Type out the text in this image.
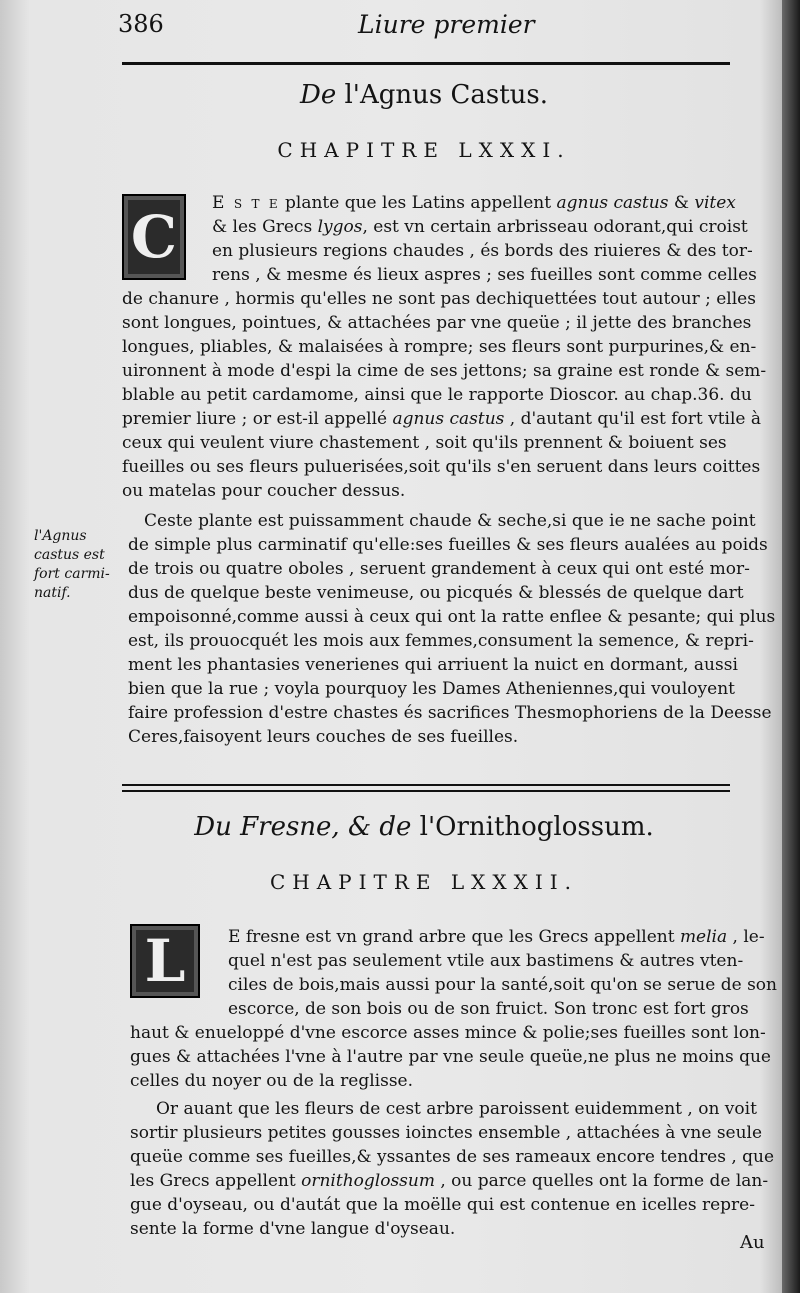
386	Liure premier
De l'Agnus Castus.
CHAPITRE LXXXI.
C	E s t e plante que les Latins appellent agnus castus & vitex
& les Grecs lygos, est vn certain arbrisseau odorant,qui croist
en plusieurs regions chaudes , és bords des riuieres & des tor-
rens , & mesme és lieux aspres ; ses fueilles sont comme celles
de chanure , hormis qu'elles ne sont pas dechiquettées tout autour ; elles
sont longues, pointues, & attachées par vne queüe ; il jette des branches
longues, pliables, & malaisées à rompre; ses fleurs sont purpurines,& en-
uironnent à mode d'espi la cime de ses jettons; sa graine est ronde & sem-
blable au petit cardamome, ainsi que le rapporte Dioscor. au chap.36. du
premier liure ; or est-il appellé agnus castus , d'autant qu'il est fort vtile à
ceux qui veulent viure chastement , soit qu'ils prennent & boiuent ses
fueilles ou ses fleurs puluerisées,soit qu'ils s'en seruent dans leurs coittes
ou matelas pour coucher dessus.
Ceste plante est puissamment chaude & seche,si que ie ne sache point
de simple plus carminatif qu'elle:ses fueilles & ses fleurs aualées au poids
de trois ou quatre oboles , seruent grandement à ceux qui ont esté mor-
dus de quelque beste venimeuse, ou picqués & blessés de quelque dart
empoisonné,comme aussi à ceux qui ont la ratte enflee & pesante; qui plus
est, ils prouocquét les mois aux femmes,consument la semence, & repri-
ment les phantasies venerienes qui arriuent la nuict en dormant, aussi
bien que la rue ; voyla pourquoy les Dames Atheniennes,qui vouloyent
faire profession d'estre chastes és sacrifices Thesmophoriens de la Deesse
Ceres,faisoyent leurs couches de ses fueilles.
l'Agnus
castus est
fort carmi-
natif.
Du Fresne, & de l'Ornithoglossum.
CHAPITRE LXXXII.
L	E fresne est vn grand arbre que les Grecs appellent melia , le-
quel n'est pas seulement vtile aux bastimens & autres vten-
ciles de bois,mais aussi pour la santé,soit qu'on se serue de son
escorce, de son bois ou de son fruict. Son tronc est fort gros
haut & enueloppé d'vne escorce asses mince & polie;ses fueilles sont lon-
gues & attachées l'vne à l'autre par vne seule queüe,ne plus ne moins que
celles du noyer ou de la reglisse.
Or auant que les fleurs de cest arbre paroissent euidemment , on voit
sortir plusieurs petites gousses ioinctes ensemble , attachées à vne seule
queüe comme ses fueilles,& yssantes de ses rameaux encore tendres , que
les Grecs appellent ornithoglossum , ou parce quelles ont la forme de lan-
gue d'oyseau, ou d'autát que la moëlle qui est contenue en icelles repre-
sente la forme d'vne langue d'oyseau.
Au
